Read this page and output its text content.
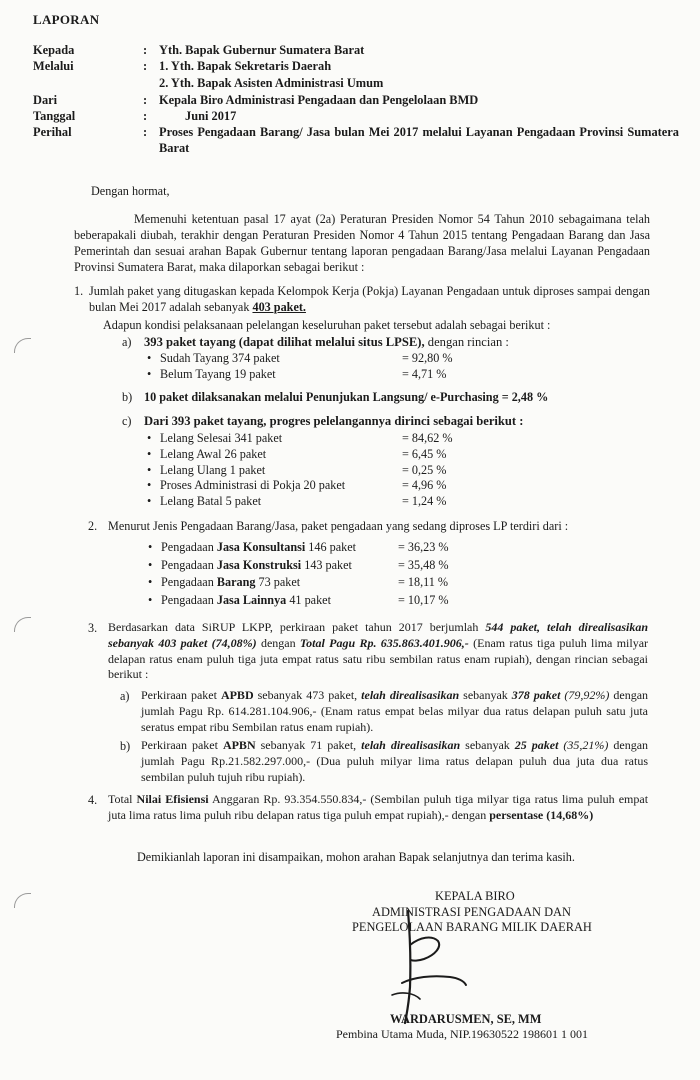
LAPORAN
Kepada	: Yth. Bapak Gubernur Sumatera Barat
Melalui	: 1. Yth. Bapak Sekretaris Daerah
2. Yth. Bapak Asisten Administrasi Umum
Dari	: Kepala Biro Administrasi Pengadaan dan Pengelolaan BMD
Tanggal	:	Juni 2017
Perihal	: Proses Pengadaan Barang/ Jasa bulan Mei 2017 melalui Layanan Pengadaan Provinsi Sumatera Barat
Dengan hormat,
Memenuhi ketentuan pasal 17 ayat (2a) Peraturan Presiden Nomor 54 Tahun 2010 sebagaimana telah beberapakali diubah, terakhir dengan Peraturan Presiden Nomor 4 Tahun 2015 tentang Pengadaan Barang dan Jasa Pemerintah dan sesuai arahan Bapak Gubernur tentang laporan pengadaan Barang/Jasa melalui Layanan Pengadaan Provinsi Sumatera Barat, maka dilaporkan sebagai berikut :
1. Jumlah paket yang ditugaskan kepada Kelompok Kerja (Pokja) Layanan Pengadaan untuk diproses sampai dengan bulan Mei 2017 adalah sebanyak 403 paket.
Adapun kondisi pelaksanaan pelelangan keseluruhan paket tersebut adalah sebagai berikut :
a) 393 paket tayang (dapat dilihat melalui situs LPSE), dengan rincian :
• Sudah Tayang 374 paket	= 92,80 %
• Belum Tayang 19 paket	= 4,71 %
b) 10 paket dilaksanakan melalui Penunjukan Langsung/ e-Purchasing = 2,48 %
c) Dari 393 paket tayang, progres pelelangannya dirinci sebagai berikut :
• Lelang Selesai 341 paket	= 84,62 %
• Lelang Awal 26 paket	= 6,45 %
• Lelang Ulang 1 paket	= 0,25 %
• Proses Administrasi di Pokja 20 paket	= 4,96 %
• Lelang Batal 5 paket	= 1,24 %
2. Menurut Jenis Pengadaan Barang/Jasa, paket pengadaan yang sedang diproses LP terdiri dari :
• Pengadaan Jasa Konsultansi 146 paket	= 36,23 %
• Pengadaan Jasa Konstruksi 143 paket	= 35,48 %
• Pengadaan Barang 73 paket	= 18,11 %
• Pengadaan Jasa Lainnya 41 paket	= 10,17 %
3. Berdasarkan data SiRUP LKPP, perkiraan paket tahun 2017 berjumlah 544 paket, telah direalisasikan sebanyak 403 paket (74,08%) dengan Total Pagu Rp. 635.863.401.906,- (Enam ratus tiga puluh lima milyar delapan ratus enam puluh tiga juta empat ratus satu ribu sembilan ratus enam rupiah), dengan rincian sebagai berikut :
a) Perkiraan paket APBD sebanyak 473 paket, telah direalisasikan sebanyak 378 paket (79,92%) dengan jumlah Pagu Rp. 614.281.104.906,- (Enam ratus empat belas milyar dua ratus delapan puluh satu juta seratus empat ribu Sembilan ratus enam rupiah).
b) Perkiraan paket APBN sebanyak 71 paket, telah direalisasikan sebanyak 25 paket (35,21%) dengan jumlah Pagu Rp.21.582.297.000,- (Dua puluh milyar lima ratus delapan puluh dua juta dua ratus sembilan puluh tujuh ribu rupiah).
4. Total Nilai Efisiensi Anggaran Rp. 93.354.550.834,- (Sembilan puluh tiga milyar tiga ratus lima puluh empat juta lima ratus lima puluh ribu delapan ratus tiga puluh empat rupiah),- dengan persentase (14,68%)
Demikianlah laporan ini disampaikan, mohon arahan Bapak selanjutnya dan terima kasih.
KEPALA BIRO
ADMINISTRASI PENGADAAN DAN
PENGELOLAAN BARANG MILIK DAERAH
WARDARUSMEN, SE, MM
Pembina Utama Muda, NIP.19630522 198601 1 001
